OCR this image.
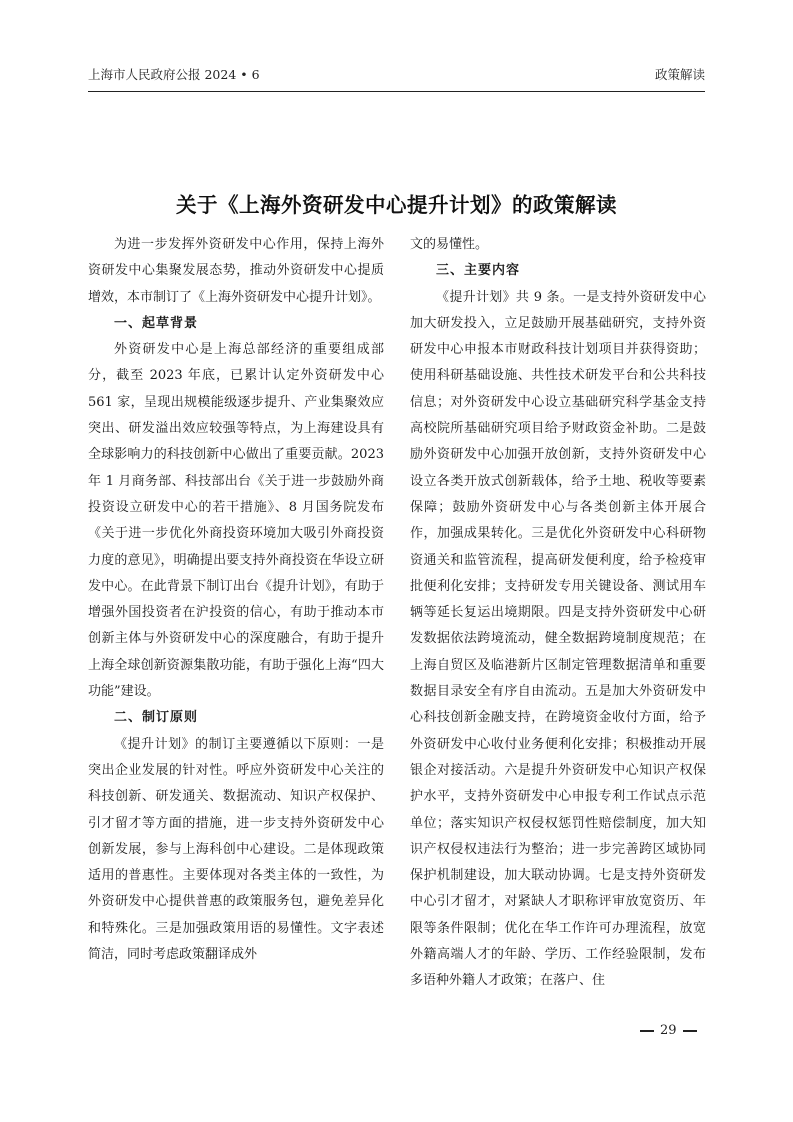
上海市人民政府公报 2024 • 6	政策解读
关于《上海外资研发中心提升计划》的政策解读

为进一步发挥外资研发中心作用，保持上海外资研发中心集聚发展态势，推动外资研发中心提质增效，本市制订了《上海外资研发中心提升计划》。

一、起草背景

外资研发中心是上海总部经济的重要组成部分，截至 2023 年底，已累计认定外资研发中心 561 家，呈现出规模能级逐步提升、产业集聚效应突出、研发溢出效应较强等特点，为上海建设具有全球影响力的科技创新中心做出了重要贡献。2023 年 1 月商务部、科技部出台《关于进一步鼓励外商投资设立研发中心的若干措施》、8 月国务院发布《关于进一步优化外商投资环境加大吸引外商投资力度的意见》，明确提出要支持外商投资在华设立研发中心。在此背景下制订出台《提升计划》，有助于增强外国投资者在沪投资的信心，有助于推动本市创新主体与外资研发中心的深度融合，有助于提升上海全球创新资源集散功能，有助于强化上海“四大功能”建设。

二、制订原则

《提升计划》的制订主要遵循以下原则：一是突出企业发展的针对性。呼应外资研发中心关注的科技创新、研发通关、数据流动、知识产权保护、引才留才等方面的措施，进一步支持外资研发中心创新发展，参与上海科创中心建设。二是体现政策适用的普惠性。主要体现对各类主体的一致性，为外资研发中心提供普惠的政策服务包，避免差异化和特殊化。三是加强政策用语的易懂性。文字表述简洁，同时考虑政策翻译成外

文的易懂性。

三、主要内容

《提升计划》共 9 条。一是支持外资研发中心加大研发投入，立足鼓励开展基础研究，支持外资研发中心申报本市财政科技计划项目并获得资助；使用科研基础设施、共性技术研发平台和公共科技信息；对外资研发中心设立基础研究科学基金支持高校院所基础研究项目给予财政资金补助。二是鼓励外资研发中心加强开放创新，支持外资研发中心设立各类开放式创新载体，给予土地、税收等要素保障；鼓励外资研发中心与各类创新主体开展合作，加强成果转化。三是优化外资研发中心科研物资通关和监管流程，提高研发便利度，给予检疫审批便利化安排；支持研发专用关键设备、测试用车辆等延长复运出境期限。四是支持外资研发中心研发数据依法跨境流动，健全数据跨境制度规范；在上海自贸区及临港新片区制定管理数据清单和重要数据目录安全有序自由流动。五是加大外资研发中心科技创新金融支持，在跨境资金收付方面，给予外资研发中心收付业务便利化安排；积极推动开展银企对接活动。六是提升外资研发中心知识产权保护水平，支持外资研发中心申报专利工作试点示范单位；落实知识产权侵权惩罚性赔偿制度，加大知识产权侵权违法行为整治；进一步完善跨区域协同保护机制建设，加大联动协调。七是支持外资研发中心引才留才，对紧缺人才职称评审放宽资历、年限等条件限制；优化在华工作许可办理流程，放宽外籍高端人才的年龄、学历、工作经验限制，发布多语种外籍人才政策；在落户、住

29
